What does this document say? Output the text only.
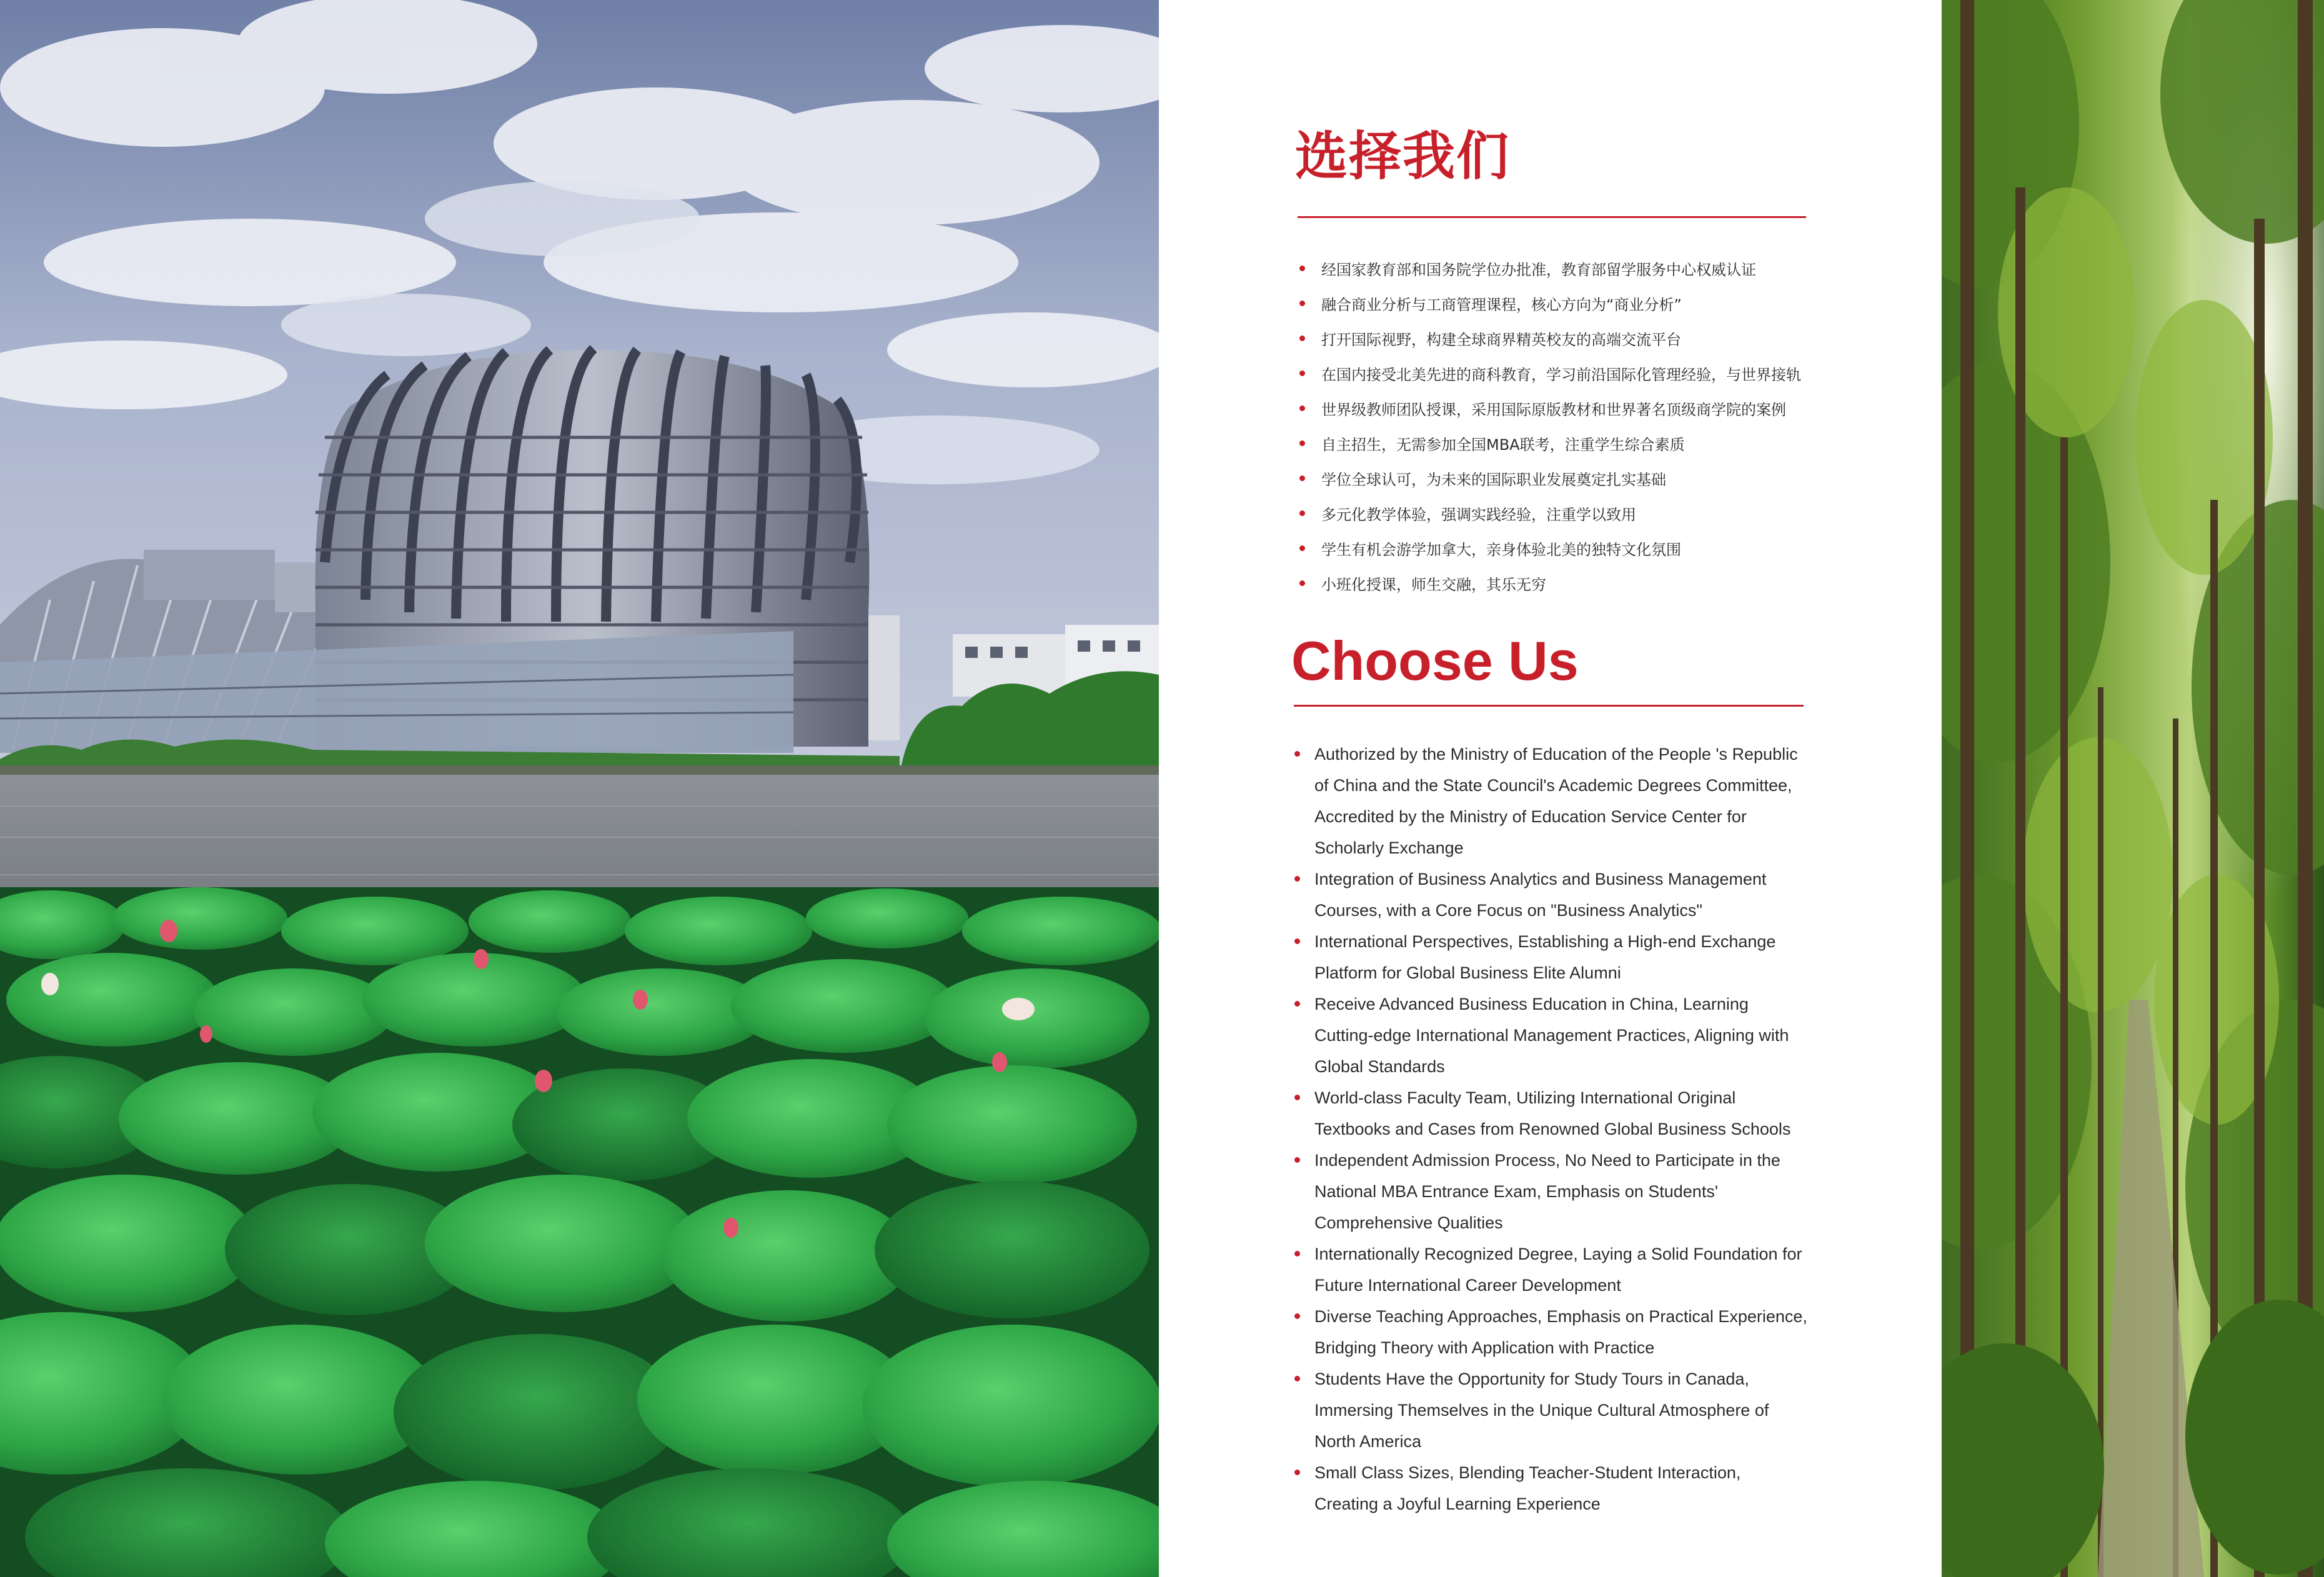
选择我们
经国家教育部和国务院学位办批准，教育部留学服务中心权威认证
融合商业分析与工商管理课程，核心方向为“商业分析”
打开国际视野，构建全球商界精英校友的高端交流平台
在国内接受北美先进的商科教育，学习前沿国际化管理经验，与世界接轨
世界级教师团队授课，采用国际原版教材和世界著名顶级商学院的案例
自主招生，无需参加全国MBA联考，注重学生综合素质
学位全球认可，为未来的国际职业发展奠定扎实基础
多元化教学体验，强调实践经验，注重学以致用
学生有机会游学加拿大，亲身体验北美的独特文化氛围
小班化授课，师生交融，其乐无穷
Choose Us
Authorized by the Ministry of Education of the People 's Republic of China and the State Council's Academic Degrees Committee, Accredited by the Ministry of Education Service Center for Scholarly Exchange
Integration of Business Analytics and Business Management Courses, with a Core Focus on "Business Analytics"
International Perspectives, Establishing a High-end Exchange Platform for Global Business Elite Alumni
Receive Advanced Business Education in China, Learning Cutting-edge International Management Practices, Aligning with Global Standards
World-class Faculty Team, Utilizing International Original Textbooks and Cases from Renowned Global Business Schools
Independent Admission Process, No Need to Participate in the National MBA Entrance Exam, Emphasis on Students' Comprehensive Qualities
Internationally Recognized Degree, Laying a Solid Foundation for Future International Career Development
Diverse Teaching Approaches, Emphasis on Practical Experience, Bridging Theory with Application with Practice
Students Have the Opportunity for Study Tours in Canada, Immersing Themselves in the Unique Cultural Atmosphere of North America
Small Class Sizes, Blending Teacher-Student Interaction, Creating a Joyful Learning Experience
